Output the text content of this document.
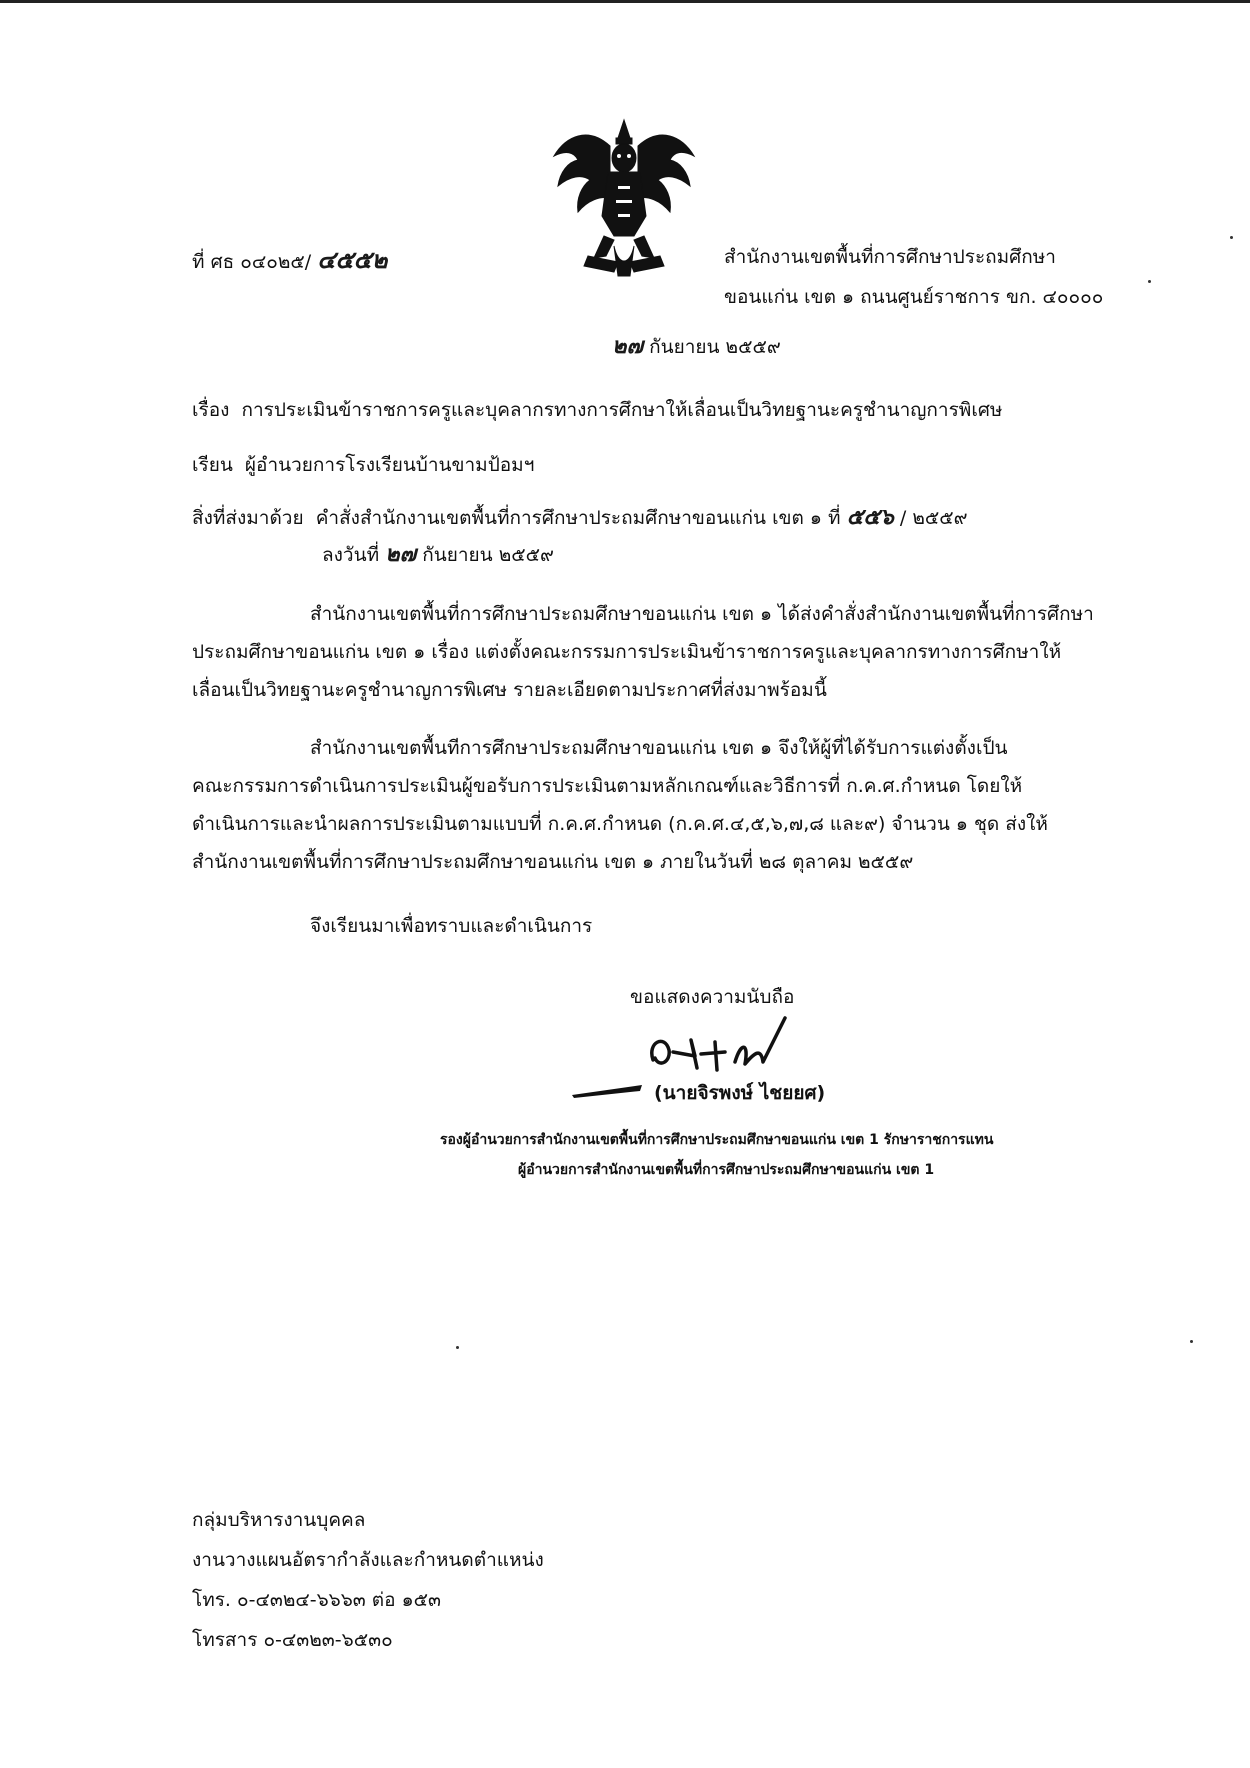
ที่ ศธ ๐๔๐๒๕/ ๔๕๕๒	สำนักงานเขตพื้นที่การศึกษาประถมศึกษา
ขอนแก่น เขต ๑ ถนนศูนย์ราชการ ขก. ๔๐๐๐๐
๒๗ กันยายน ๒๕๕๙
เรื่อง การประเมินข้าราชการครูและบุคลากรทางการศึกษาให้เลื่อนเป็นวิทยฐานะครูชำนาญการพิเศษ
เรียน ผู้อำนวยการโรงเรียนบ้านขามป้อมฯ
สิ่งที่ส่งมาด้วย คำสั่งสำนักงานเขตพื้นที่การศึกษาประถมศึกษาขอนแก่น เขต ๑ ที่ ๕๕๖ / ๒๕๕๙
ลงวันที่ ๒๗ กันยายน ๒๕๕๙
สำนักงานเขตพื้นที่การศึกษาประถมศึกษาขอนแก่น เขต ๑ ได้ส่งคำสั่งสำนักงานเขตพื้นที่การศึกษา
ประถมศึกษาขอนแก่น เขต ๑ เรื่อง แต่งตั้งคณะกรรมการประเมินข้าราชการครูและบุคลากรทางการศึกษาให้
เลื่อนเป็นวิทยฐานะครูชำนาญการพิเศษ รายละเอียดตามประกาศที่ส่งมาพร้อมนี้
สำนักงานเขตพื้นทีการศึกษาประถมศึกษาขอนแก่น เขต ๑ จึงให้ผู้ที่ได้รับการแต่งตั้งเป็น
คณะกรรมการดำเนินการประเมินผู้ขอรับการประเมินตามหลักเกณฑ์และวิธีการที่ ก.ค.ศ.กำหนด โดยให้
ดำเนินการและนำผลการประเมินตามแบบที่ ก.ค.ศ.กำหนด (ก.ค.ศ.๔,๕,๖,๗,๘ และ๙) จำนวน ๑ ชุด ส่งให้
สำนักงานเขตพื้นที่การศึกษาประถมศึกษาขอนแก่น เขต ๑ ภายในวันที่ ๒๘ ตุลาคม ๒๕๕๙
จึงเรียนมาเพื่อทราบและดำเนินการ
ขอแสดงความนับถือ
(นายจิรพงษ์ ไชยยศ)
รองผู้อำนวยการสำนักงานเขตพื้นที่การศึกษาประถมศึกษาขอนแก่น เขต 1 รักษาราชการแทน
ผู้อำนวยการสำนักงานเขตพื้นที่การศึกษาประถมศึกษาขอนแก่น เขต 1
กลุ่มบริหารงานบุคคล
งานวางแผนอัตรากำลังและกำหนดตำแหน่ง
โทร. ๐-๔๓๒๔-๖๖๖๓ ต่อ ๑๕๓
โทรสาร ๐-๔๓๒๓-๖๕๓๐
